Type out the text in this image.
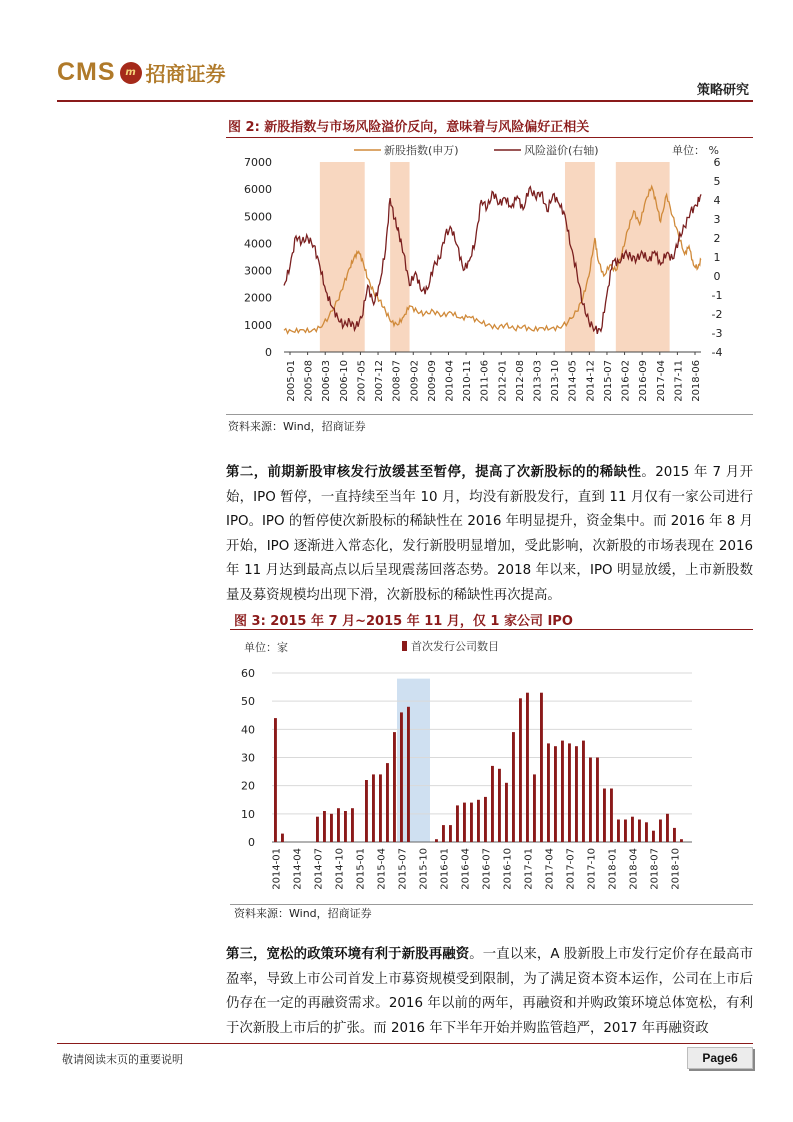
CMS m 招商证券
策略研究
图 2: 新股指数与市场风险溢价反向，意味着与风险偏好正相关
0
1000
2000
3000
4000
5000
6000
7000
-4
-3
-2
-1
0
1
2
3
4
5
6
2005-01 2005-08 2006-03 2006-10 2007-05 2007-12 2008-07 2009-02 2009-09 2010-04 2010-11 2011-06 2012-01 2012-08 2013-03 2013-10 2014-05 2014-12 2015-07 2016-02 2016-09 2017-04 2017-11 2018-06
新股指数(申万)	风险溢价(右轴)	单位： %
资料来源：Wind，招商证券
第二，前期新股审核发行放缓甚至暂停，提高了次新股标的的稀缺性。2015 年 7 月开始，IPO 暂停，一直持续至当年 10 月，均没有新股发行，直到 11 月仅有一家公司进行 IPO。IPO 的暂停使次新股标的稀缺性在 2016 年明显提升，资金集中。而 2016 年 8 月开始，IPO 逐渐进入常态化，发行新股明显增加，受此影响，次新股的市场表现在 2016 年 11 月达到最高点以后呈现震荡回落态势。2018 年以来，IPO 明显放缓，上市新股数量及募资规模均出现下滑，次新股标的稀缺性再次提高。
图 3: 2015 年 7 月~2015 年 11 月，仅 1 家公司 IPO
0
10
20
30
40
50
60
2014-01 2014-04 2014-07 2014-10 2015-01 2015-04 2015-07 2015-10 2016-01 2016-04 2016-07 2016-10 2017-01 2017-04 2017-07 2017-10 2018-01 2018-04 2018-07 2018-10
单位：家	首次发行公司数目
资料来源：Wind，招商证券
第三，宽松的政策环境有利于新股再融资。一直以来，A 股新股上市发行定价存在最高市盈率，导致上市公司首发上市募资规模受到限制，为了满足资本资本运作，公司在上市后仍存在一定的再融资需求。2016 年以前的两年，再融资和并购政策环境总体宽松，有利于次新股上市后的扩张。而 2016 年下半年开始并购监管趋严，2017 年再融资政
敬请阅读末页的重要说明	Page6
